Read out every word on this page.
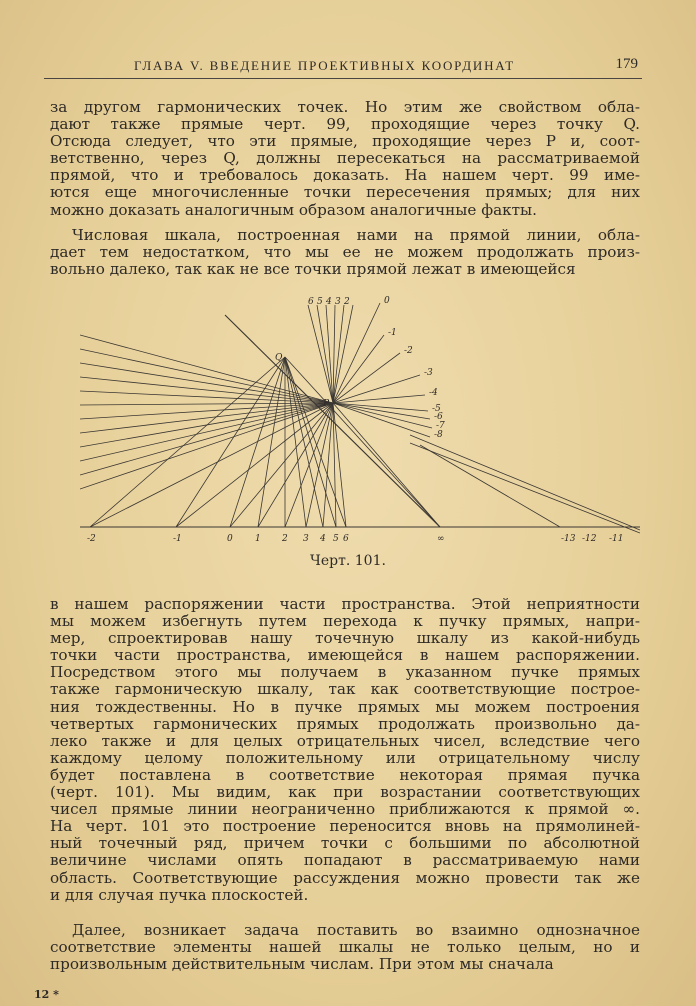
ГЛАВА V. ВВЕДЕНИЕ ПРОЕКТИВНЫХ КООРДИНАТ	179
за другом гармонических точек. Но этим же свойством обла-
дают также прямые черт. 99, проходящие через точку Q.
Отсюда следует, что эти прямые, проходящие через P и, соот-
ветственно, через Q, должны пересекаться на рассматриваемой
прямой, что и требовалось доказать. На нашем черт. 99 име-
ются еще многочисленные точки пересечения прямых; для них
можно доказать аналогичным образом аналогичные факты.
Числовая шкала, построенная нами на прямой линии, обла-
дает тем недостатком, что мы ее не можем продолжать произ-
вольно далеко, так как не все точки прямой лежат в имеющейся
P
Q
-2	-1	0 1 2 3 4 5 6	∞	-13 -12 -11
0
-1
-2
-3
-4
-5
-6
-7
-8
6 5 4 3 2
Черт. 101.
в нашем распоряжении части пространства. Этой неприятности
мы можем избегнуть путем перехода к пучку прямых, напри-
мер, спроектировав нашу точечную шкалу из какой-нибудь
точки части пространства, имеющейся в нашем распоряжении.
Посредством этого мы получаем в указанном пучке прямых
также гармоническую шкалу, так как соответствующие построе-
ния тождественны. Но в пучке прямых мы можем построения
четвертых гармонических прямых продолжать произвольно да-
леко также и для целых отрицательных чисел, вследствие чего
каждому целому положительному или отрицательному числу
будет поставлена в соответствие некоторая прямая пучка
(черт. 101). Мы видим, как при возрастании соответствующих
чисел прямые линии неограниченно приближаются к прямой ∞.
На черт. 101 это построение переносится вновь на прямолиней-
ный точечный ряд, причем точки с большими по абсолютной
величине числами опять попадают в рассматриваемую нами
область. Соответствующие рассуждения можно провести так же
и для случая пучка плоскостей.
Далее, возникает задача поставить во взаимно однозначное
соответствие элементы нашей шкалы не только целым, но и
произвольным действительным числам. При этом мы сначала
12 *
